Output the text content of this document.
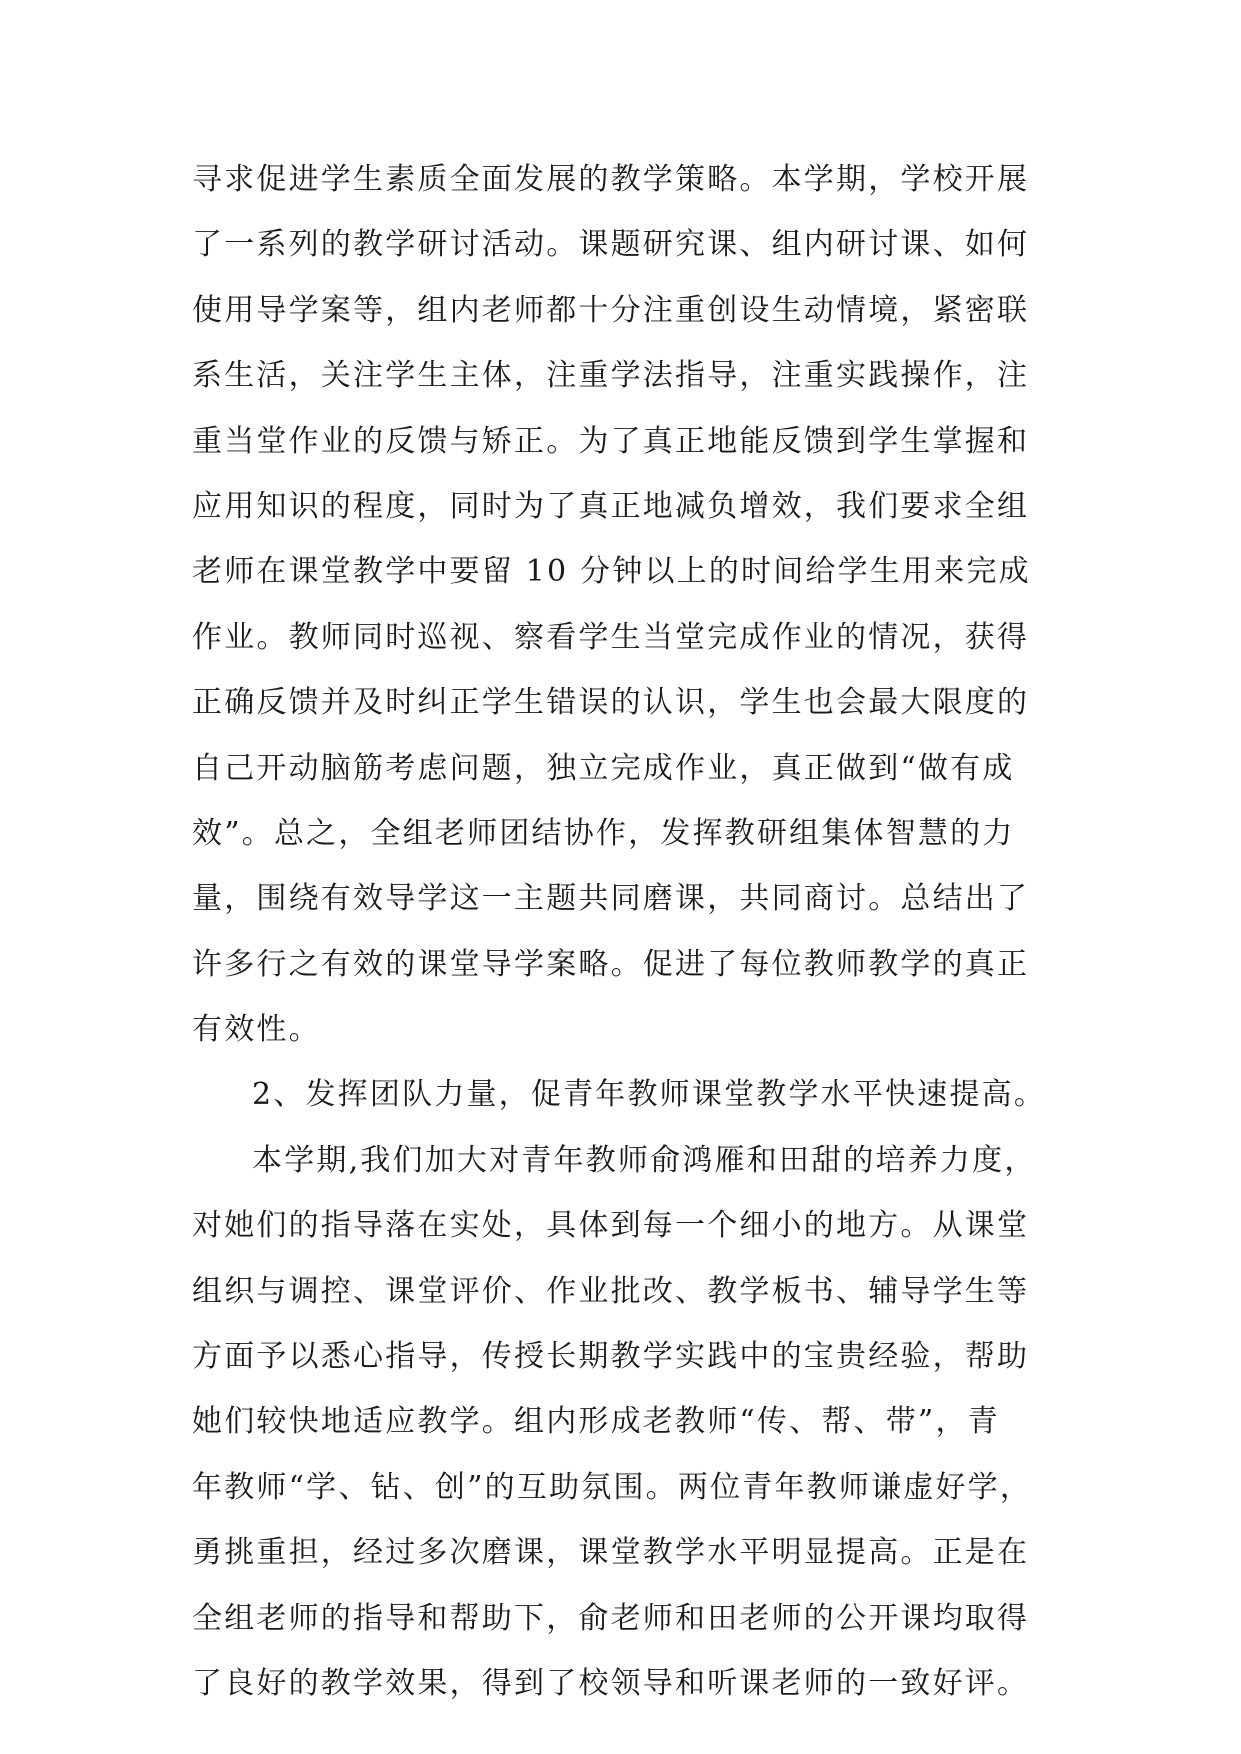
寻求促进学生素质全面发展的教学策略。本学期，学校开展
了一系列的教学研讨活动。课题研究课、组内研讨课、如何
使用导学案等，组内老师都十分注重创设生动情境，紧密联
系生活，关注学生主体，注重学法指导，注重实践操作，注
重当堂作业的反馈与矫正。为了真正地能反馈到学生掌握和
应用知识的程度，同时为了真正地减负增效，我们要求全组
老师在课堂教学中要留 10 分钟以上的时间给学生用来完成
作业。教师同时巡视、察看学生当堂完成作业的情况，获得
正确反馈并及时纠正学生错误的认识，学生也会最大限度的
自己开动脑筋考虑问题，独立完成作业，真正做到“做有成
效”。总之，全组老师团结协作，发挥教研组集体智慧的力
量，围绕有效导学这一主题共同磨课，共同商讨。总结出了
许多行之有效的课堂导学案略。促进了每位教师教学的真正
有效性。
2、发挥团队力量，促青年教师课堂教学水平快速提高。
本学期,我们加大对青年教师俞鸿雁和田甜的培养力度，
对她们的指导落在实处，具体到每一个细小的地方。从课堂
组织与调控、课堂评价、作业批改、教学板书、辅导学生等
方面予以悉心指导，传授长期教学实践中的宝贵经验，帮助
她们较快地适应教学。组内形成老教师“传、帮、带”，青
年教师“学、钻、创”的互助氛围。两位青年教师谦虚好学，
勇挑重担，经过多次磨课，课堂教学水平明显提高。正是在
全组老师的指导和帮助下，俞老师和田老师的公开课均取得
了良好的教学效果，得到了校领导和听课老师的一致好评。
